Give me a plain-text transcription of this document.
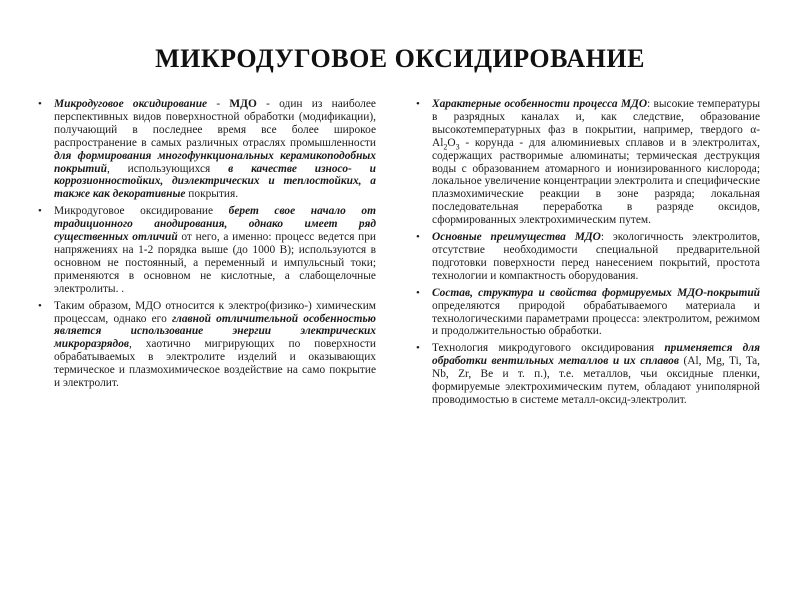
МИКРОДУГОВОЕ ОКСИДИРОВАНИЕ
• Микродуговое оксидирование - МДО - один из наиболее перспективных видов поверхностной обработки (модификации), получающий в последнее время все более широкое распространение в самых различных отраслях промышленности для формирования многофункциональных керамикоподобных покрытий, использующихся в качестве износо- и коррозионностойких, диэлектрических и теплостойких, а также как декоративные покрытия.
• Микродуговое оксидирование берет свое начало от традиционного анодирования, однако имеет ряд существенных отличий от него, а именно: процесс ведется при напряжениях на 1-2 порядка выше (до 1000 В); используются в основном не постоянный, а переменный и импульсный токи; применяются в основном не кислотные, а слабощелочные электролиты. .
• Таким образом, МДО относится к электро(физико-) химическим процессам, однако его главной отличительной особенностью является использование энергии электрических микроразрядов, хаотично мигрирующих по поверхности обрабатываемых в электролите изделий и оказывающих термическое и плазмохимическое воздействие на само покрытие и электролит.
• Характерные особенности процесса МДО: высокие температуры в разрядных каналах и, как следствие, образование высокотемпературных фаз в покрытии, например, твердого $\alpha-Al_2O_3$ - корунда - для алюминиевых сплавов и в электролитах, содержащих растворимые алюминаты; термическая деструкция воды с образованием атомарного и ионизированного кислорода; локальное увеличение концентрации электролита и специфические плазмохимические реакции в зоне разряда; локальная последовательная переработка в разряде оксидов, сформированных электрохимическим путем.
• Основные преимущества МДО: экологичность электролитов, отсутствие необходимости специальной предварительной подготовки поверхности перед нанесением покрытий, простота технологии и компактность оборудования.
• Состав, структура и свойства формируемых МДО-покрытий определяются природой обрабатываемого материала и технологическими параметрами процесса: электролитом, режимом и продолжительностью обработки.
• Технология микродугового оксидирования применяется для обработки вентильных металлов и их сплавов (Al, Mg, Ti, Ta, Nb, Zr, Be и т. п.), т.е. металлов, чьи оксидные пленки, формируемые электрохимическим путем, обладают униполярной проводимостью в системе металл-оксид-электролит.
